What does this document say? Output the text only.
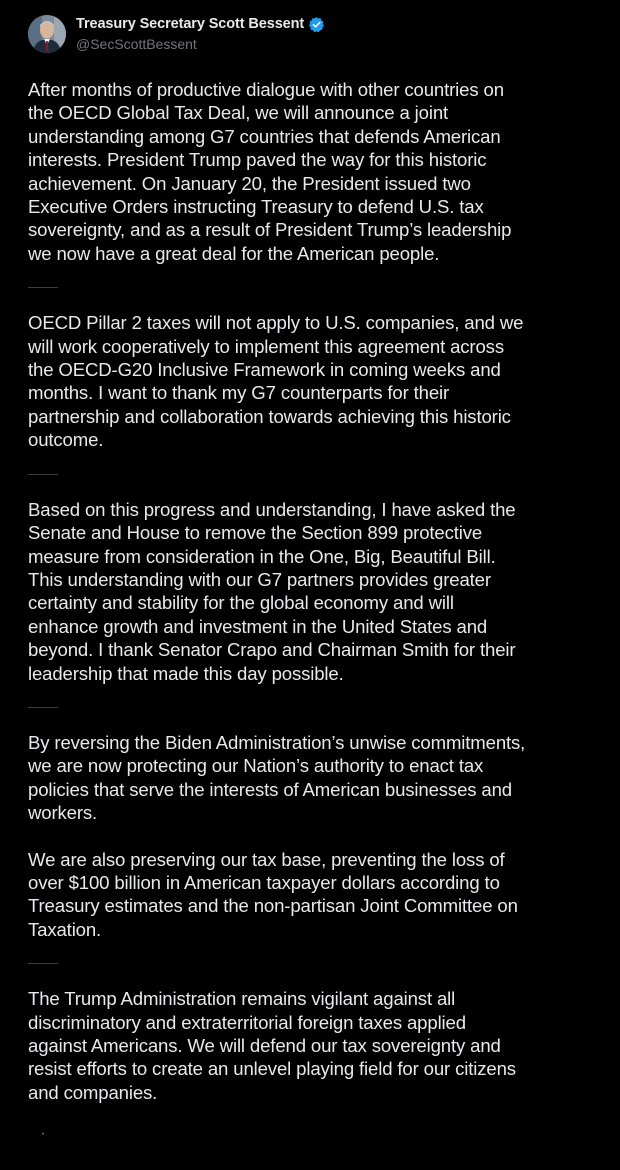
Treasury Secretary Scott Bessent
@SecScottBessent

After months of productive dialogue with other countries on
the OECD Global Tax Deal, we will announce a joint
understanding among G7 countries that defends American
interests. President Trump paved the way for this historic
achievement. On January 20, the President issued two
Executive Orders instructing Treasury to defend U.S. tax
sovereignty, and as a result of President Trump’s leadership
we now have a great deal for the American people.

OECD Pillar 2 taxes will not apply to U.S. companies, and we
will work cooperatively to implement this agreement across
the OECD-G20 Inclusive Framework in coming weeks and
months. I want to thank my G7 counterparts for their
partnership and collaboration towards achieving this historic
outcome.

Based on this progress and understanding, I have asked the
Senate and House to remove the Section 899 protective
measure from consideration in the One, Big, Beautiful Bill.
This understanding with our G7 partners provides greater
certainty and stability for the global economy and will
enhance growth and investment in the United States and
beyond. I thank Senator Crapo and Chairman Smith for their
leadership that made this day possible.

By reversing the Biden Administration’s unwise commitments,
we are now protecting our Nation’s authority to enact tax
policies that serve the interests of American businesses and
workers.

We are also preserving our tax base, preventing the loss of
over $100 billion in American taxpayer dollars according to
Treasury estimates and the non-partisan Joint Committee on
Taxation.

The Trump Administration remains vigilant against all
discriminatory and extraterritorial foreign taxes applied
against Americans. We will defend our tax sovereignty and
resist efforts to create an unlevel playing field for our citizens
and companies.

•
